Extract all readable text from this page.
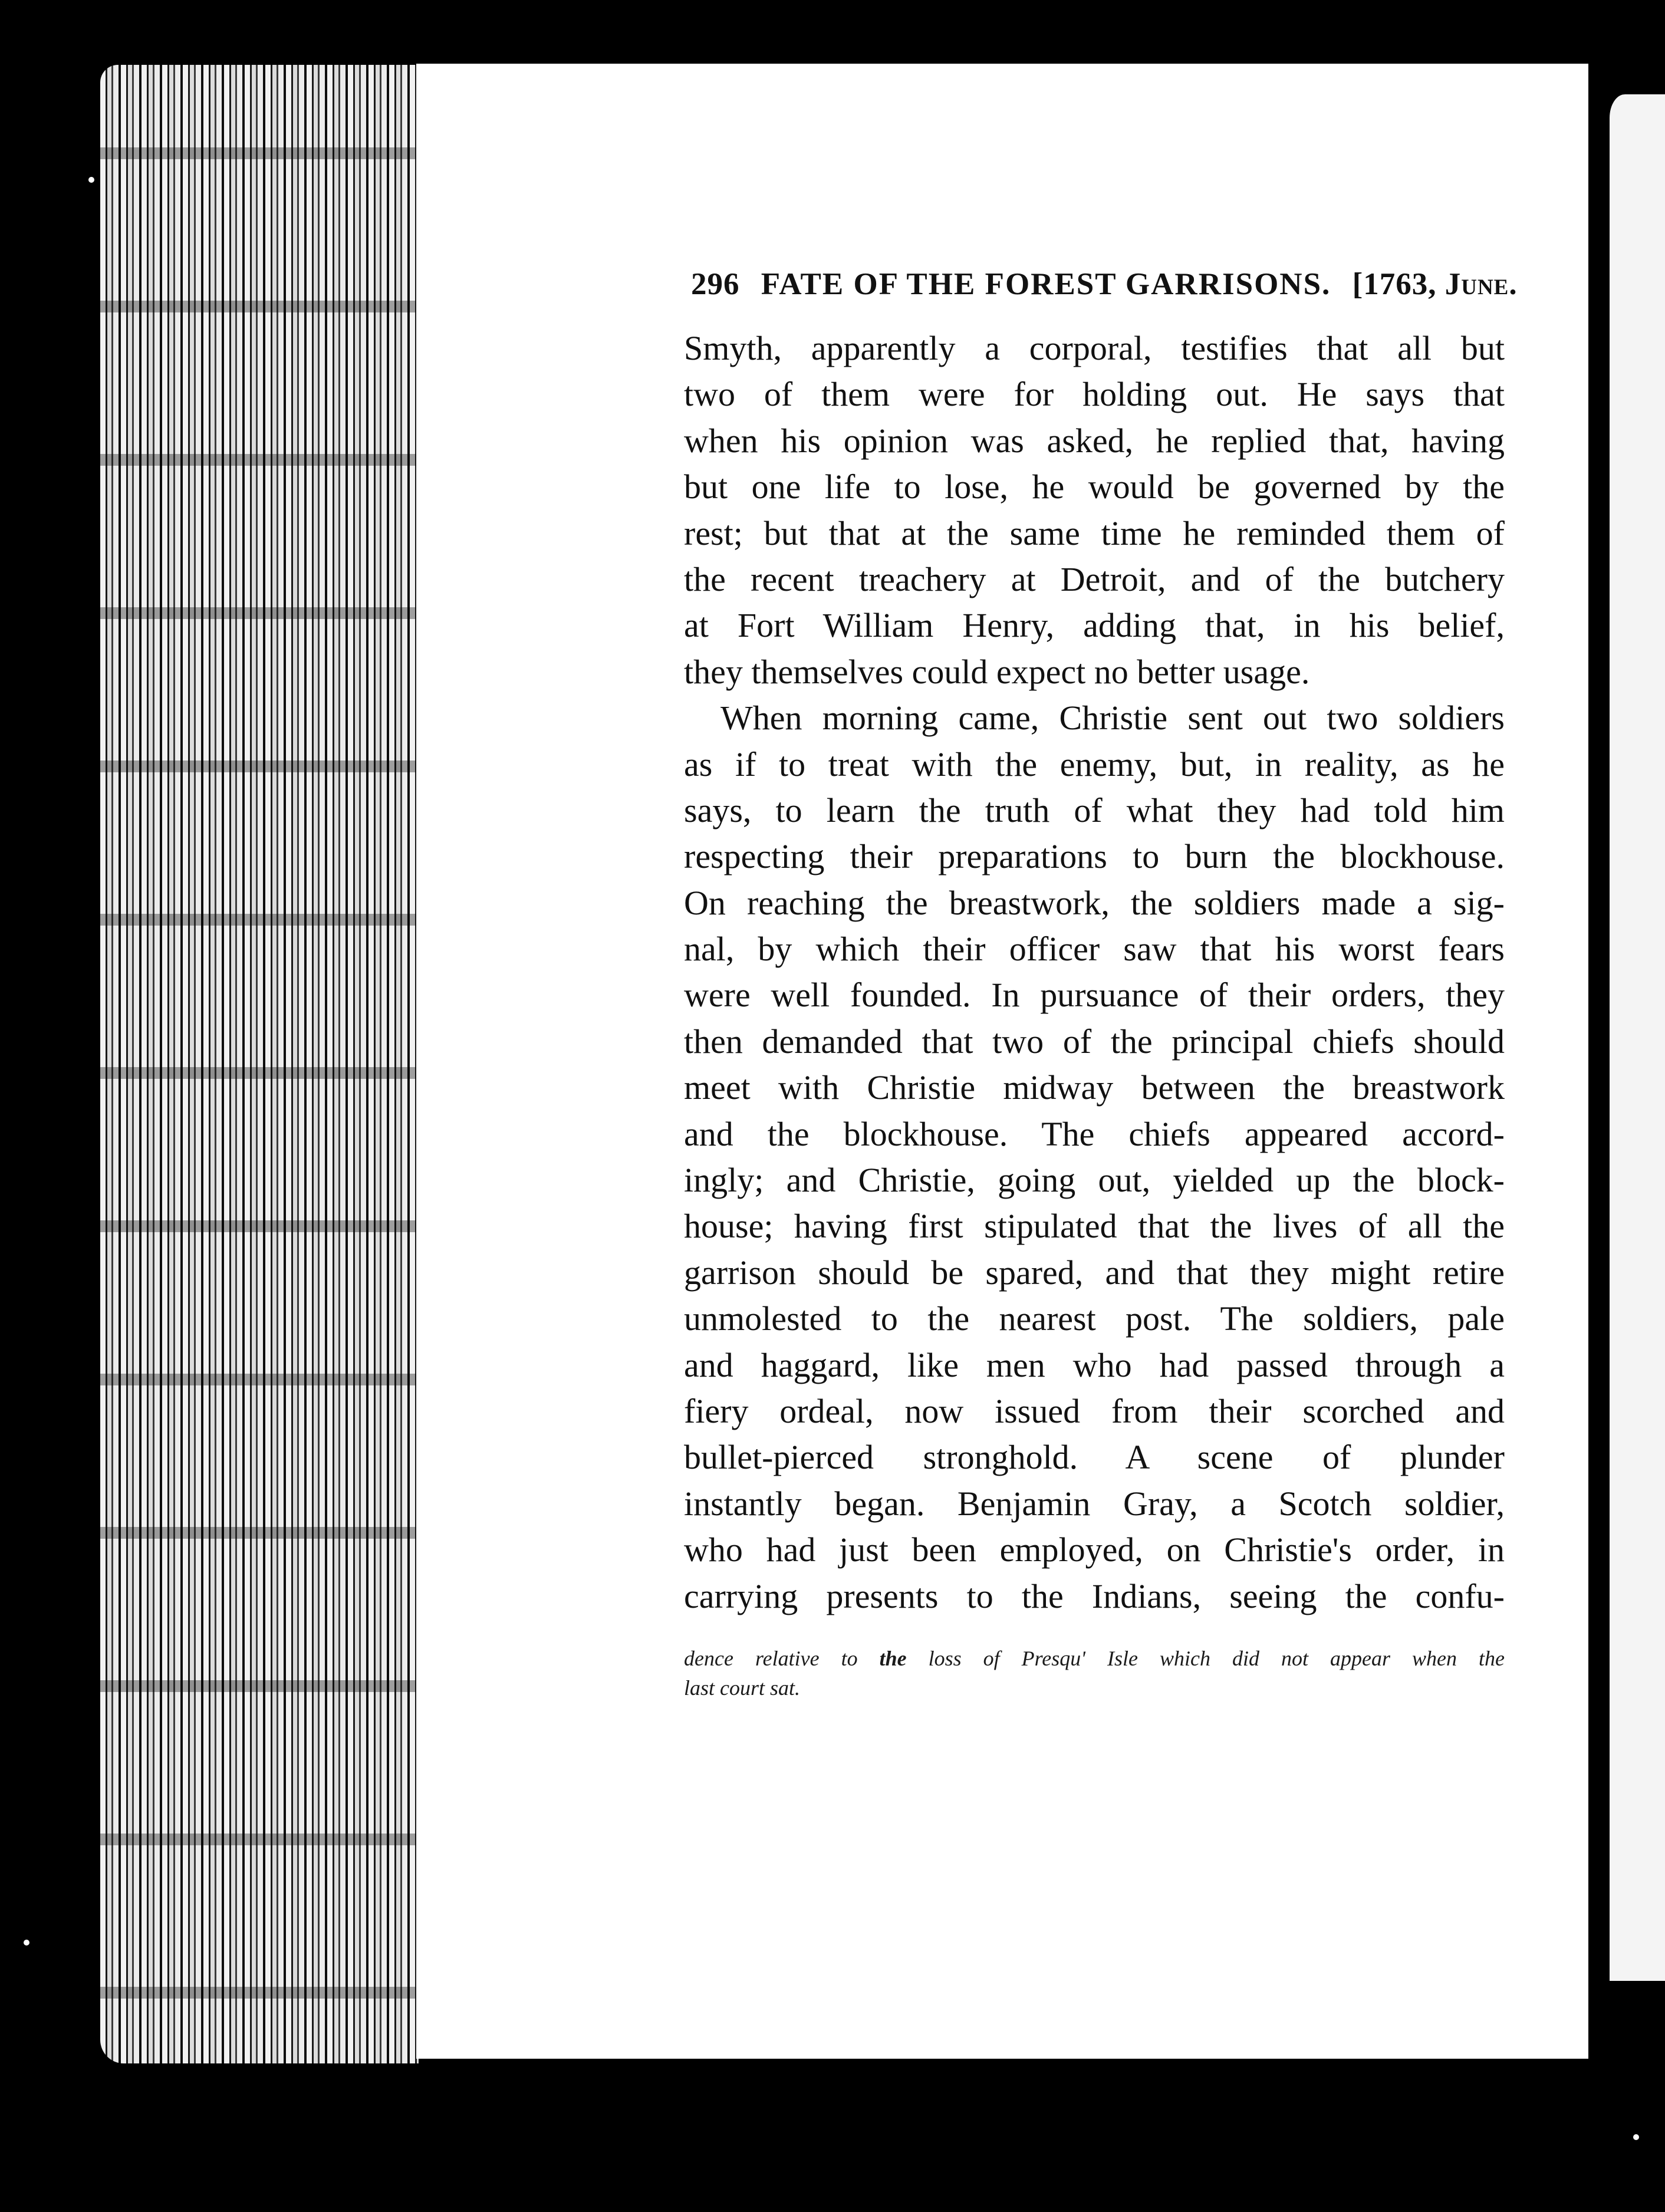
296 FATE OF THE FOREST GARRISONS. [1763, June.
Smyth, apparently a corporal, testifies that all but
two of them were for holding out. He says that
when his opinion was asked, he replied that, having
but one life to lose, he would be governed by the
rest; but that at the same time he reminded them of
the recent treachery at Detroit, and of the butchery
at Fort William Henry, adding that, in his belief,
they themselves could expect no better usage.
When morning came, Christie sent out two soldiers
as if to treat with the enemy, but, in reality, as he
says, to learn the truth of what they had told him
respecting their preparations to burn the blockhouse.
On reaching the breastwork, the soldiers made a sig-
nal, by which their officer saw that his worst fears
were well founded. In pursuance of their orders, they
then demanded that two of the principal chiefs should
meet with Christie midway between the breastwork
and the blockhouse. The chiefs appeared accord-
ingly; and Christie, going out, yielded up the block-
house; having first stipulated that the lives of all the
garrison should be spared, and that they might retire
unmolested to the nearest post. The soldiers, pale
and haggard, like men who had passed through a
fiery ordeal, now issued from their scorched and
bullet-pierced stronghold. A scene of plunder
instantly began. Benjamin Gray, a Scotch soldier,
who had just been employed, on Christie's order, in
carrying presents to the Indians, seeing the confu-
dence relative to the loss of Presqu' Isle which did not appear when the
last court sat.
